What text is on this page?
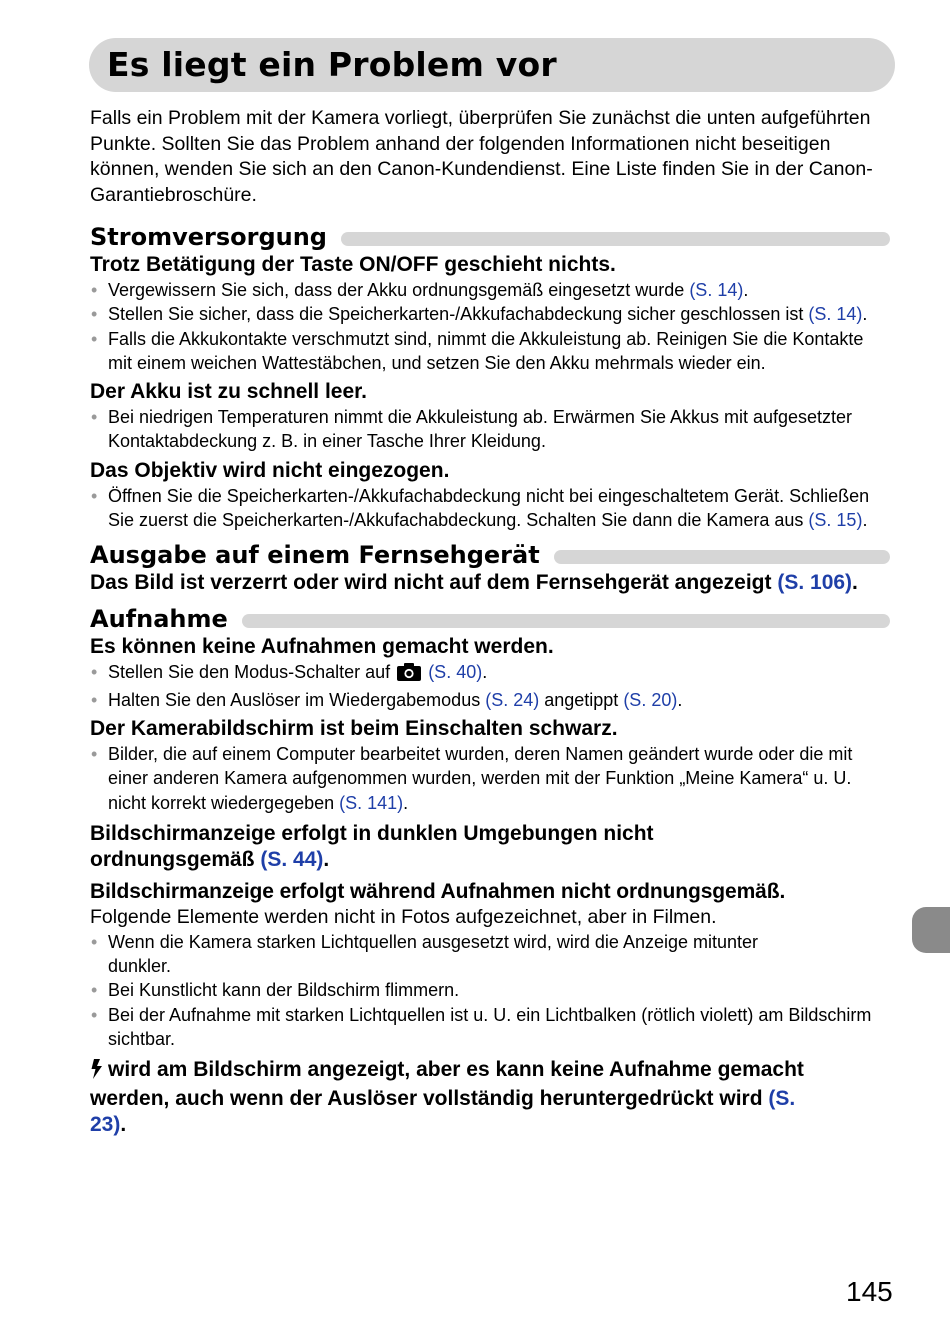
Es liegt ein Problem vor

Falls ein Problem mit der Kamera vorliegt, überprüfen Sie zunächst die unten aufgeführten Punkte. Sollten Sie das Problem anhand der folgenden Informationen nicht beseitigen können, wenden Sie sich an den Canon-Kundendienst. Eine Liste finden Sie in der Canon-Garantiebroschüre.

Stromversorgung
Trotz Betätigung der Taste ON/OFF geschieht nichts.
• Vergewissern Sie sich, dass der Akku ordnungsgemäß eingesetzt wurde (S. 14).
• Stellen Sie sicher, dass die Speicherkarten-/Akkufachabdeckung sicher geschlossen ist (S. 14).
• Falls die Akkukontakte verschmutzt sind, nimmt die Akkuleistung ab. Reinigen Sie die Kontakte mit einem weichen Wattestäbchen, und setzen Sie den Akku mehrmals wieder ein.
Der Akku ist zu schnell leer.
• Bei niedrigen Temperaturen nimmt die Akkuleistung ab. Erwärmen Sie Akkus mit aufgesetzter Kontaktabdeckung z. B. in einer Tasche Ihrer Kleidung.
Das Objektiv wird nicht eingezogen.
• Öffnen Sie die Speicherkarten-/Akkufachabdeckung nicht bei eingeschaltetem Gerät. Schließen Sie zuerst die Speicherkarten-/Akkufachabdeckung. Schalten Sie dann die Kamera aus (S. 15).
Ausgabe auf einem Fernsehgerät
Das Bild ist verzerrt oder wird nicht auf dem Fernsehgerät angezeigt (S. 106).
Aufnahme
Es können keine Aufnahmen gemacht werden.
• Stellen Sie den Modus-Schalter auf  (S. 40).
• Halten Sie den Auslöser im Wiedergabemodus (S. 24) angetippt (S. 20).
Der Kamerabildschirm ist beim Einschalten schwarz.
• Bilder, die auf einem Computer bearbeitet wurden, deren Namen geändert wurde oder die mit einer anderen Kamera aufgenommen wurden, werden mit der Funktion „Meine Kamera“ u. U. nicht korrekt wiedergegeben (S. 141).
Bildschirmanzeige erfolgt in dunklen Umgebungen nicht ordnungsgemäß (S. 44).
Bildschirmanzeige erfolgt während Aufnahmen nicht ordnungsgemäß.
Folgende Elemente werden nicht in Fotos aufgezeichnet, aber in Filmen.
• Wenn die Kamera starken Lichtquellen ausgesetzt wird, wird die Anzeige mitunter dunkler.
• Bei Kunstlicht kann der Bildschirm flimmern.
• Bei der Aufnahme mit starken Lichtquellen ist u. U. ein Lichtbalken (rötlich violett) am Bildschirm sichtbar.
wird am Bildschirm angezeigt, aber es kann keine Aufnahme gemacht werden, auch wenn der Auslöser vollständig heruntergedrückt wird (S. 23).
145
